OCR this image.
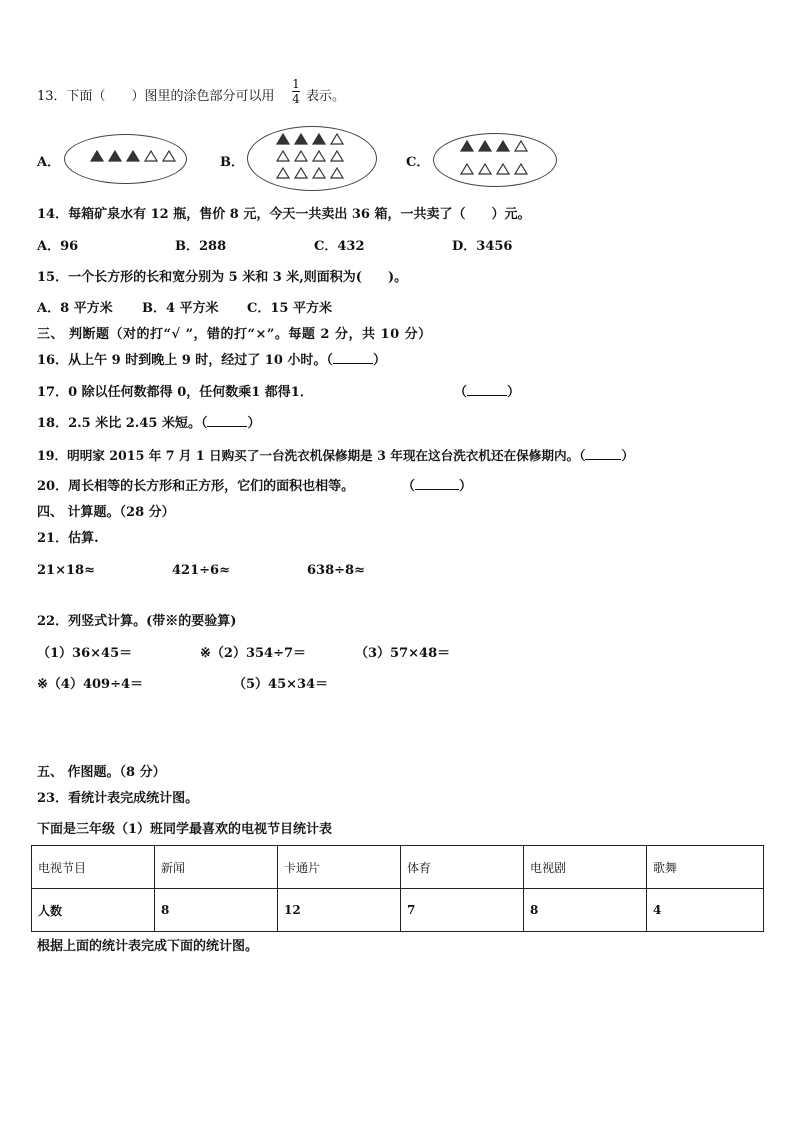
13．下面（　　）图里的涂色部分可以用
1
4 表示。
A．	B．	C．
14．每箱矿泉水有 12 瓶，售价 8 元，今天一共卖出 36 箱，一共卖了（　　）元。
A．96	B．288	C．432	D．3456
15．一个长方形的长和宽分别为 5 米和 3 米,则面积为(　　)。
A．8 平方米 B．4 平方米 C．15 平方米
三、 判断题（对的打“√ ”，错的打“×”。每题 2 分，共 10 分）
16．从上午 9 时到晚上 9 时，经过了 10 小时。（	）
17．0 除以任何数都得 0，任何数乘1 都得1．	（	）
18．2.5 米比 2.45 米短。（	）
19．明明家 2015 年 7 月 1 日购买了一台洗衣机保修期是 3 年现在这台洗衣机还在保修期内。（	）
20．周长相等的长方形和正方形，它们的面积也相等。	（	）
四、 计算题。（28 分）
21．估算.
21×18≈	421÷6≈	638÷8≈
22．列竖式计算。(带※的要验算)
（1）36×45＝	※（2）354÷7＝	（3）57×48＝
※（4）409÷4＝	（5）45×34＝
五、 作图题。（8 分）
23．看统计表完成统计图。
下面是三年级（1）班同学最喜欢的电视节目统计表
电视节目	新闻	卡通片	体育	电视剧	歌舞
人数	8	12	7	8	4
根据上面的统计表完成下面的统计图。
